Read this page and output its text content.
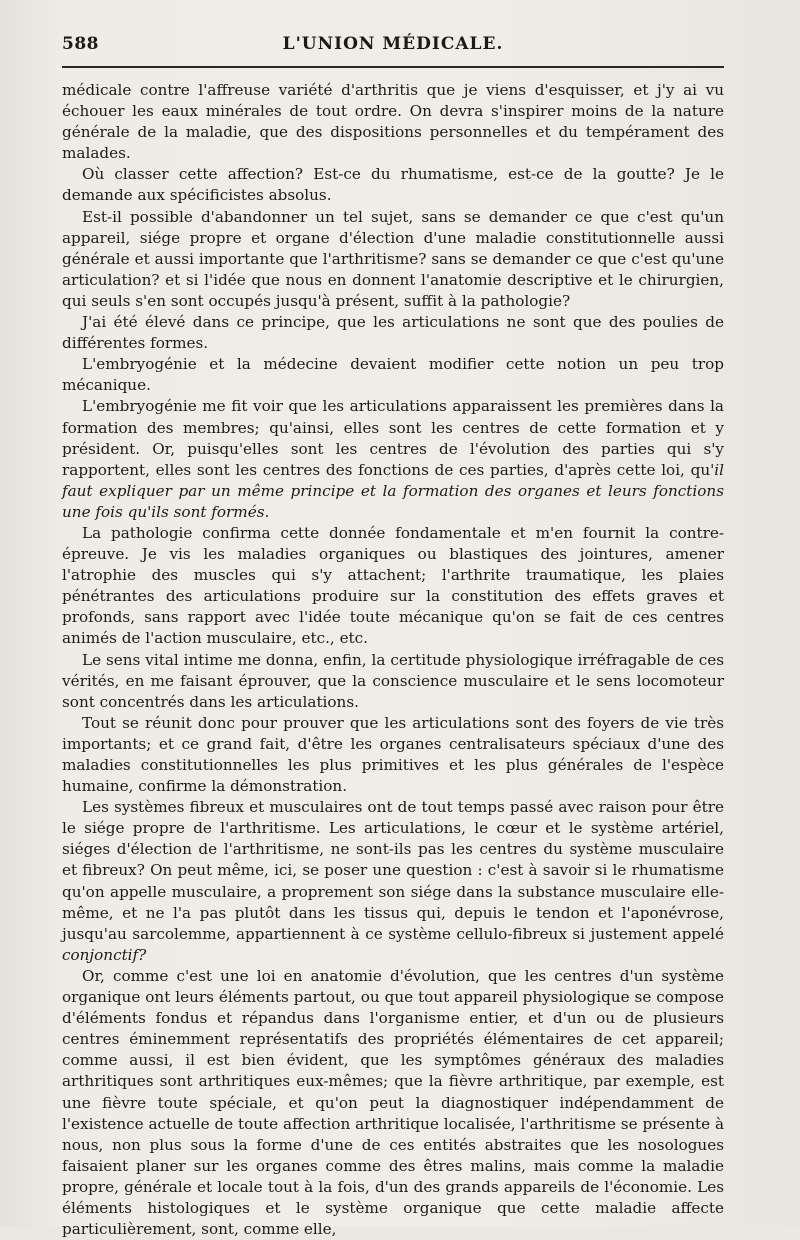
588	L'UNION MÉDICALE.

médicale contre l'affreuse variété d'arthritis que je viens d'esquisser, et j'y ai vu échouer les eaux minérales de tout ordre. On devra s'inspirer moins de la nature générale de la maladie, que des dispositions personnelles et du tempérament des malades.

Où classer cette affection? Est-ce du rhumatisme, est-ce de la goutte? Je le demande aux spécificistes absolus.

Est-il possible d'abandonner un tel sujet, sans se demander ce que c'est qu'un appareil, siége propre et organe d'élection d'une maladie constitutionnelle aussi générale et aussi importante que l'arthritisme? sans se demander ce que c'est qu'une articulation? et si l'idée que nous en donnent l'anatomie descriptive et le chirurgien, qui seuls s'en sont occupés jusqu'à présent, suffit à la pathologie?

J'ai été élevé dans ce principe, que les articulations ne sont que des poulies de différentes formes.

L'embryogénie et la médecine devaient modifier cette notion un peu trop mécanique.

L'embryogénie me fit voir que les articulations apparaissent les premières dans la formation des membres; qu'ainsi, elles sont les centres de cette formation et y président. Or, puisqu'elles sont les centres de l'évolution des parties qui s'y rapportent, elles sont les centres des fonctions de ces parties, d'après cette loi, qu'il faut expliquer par un même principe et la formation des organes et leurs fonctions une fois qu'ils sont formés.

La pathologie confirma cette donnée fondamentale et m'en fournit la contre-épreuve. Je vis les maladies organiques ou blastiques des jointures, amener l'atrophie des muscles qui s'y attachent; l'arthrite traumatique, les plaies pénétrantes des articulations produire sur la constitution des effets graves et profonds, sans rapport avec l'idée toute mécanique qu'on se fait de ces centres animés de l'action musculaire, etc., etc.

Le sens vital intime me donna, enfin, la certitude physiologique irréfragable de ces vérités, en me faisant éprouver, que la conscience musculaire et le sens locomoteur sont concentrés dans les articulations.

Tout se réunit donc pour prouver que les articulations sont des foyers de vie très importants; et ce grand fait, d'être les organes centralisateurs spéciaux d'une des maladies constitutionnelles les plus primitives et les plus générales de l'espèce humaine, confirme la démonstration.

Les systèmes fibreux et musculaires ont de tout temps passé avec raison pour être le siége propre de l'arthritisme. Les articulations, le cœur et le système artériel, siéges d'élection de l'arthritisme, ne sont-ils pas les centres du système musculaire et fibreux? On peut même, ici, se poser une question : c'est à savoir si le rhumatisme qu'on appelle musculaire, a proprement son siége dans la substance musculaire elle-même, et ne l'a pas plutôt dans les tissus qui, depuis le tendon et l'aponévrose, jusqu'au sarcolemme, appartiennent à ce système cellulo-fibreux si justement appelé conjonctif?

Or, comme c'est une loi en anatomie d'évolution, que les centres d'un système organique ont leurs éléments partout, ou que tout appareil physiologique se compose d'éléments fondus et répandus dans l'organisme entier, et d'un ou de plusieurs centres éminemment représentatifs des propriétés élémentaires de cet appareil; comme aussi, il est bien évident, que les symptômes généraux des maladies arthritiques sont arthritiques eux-mêmes; que la fièvre arthritique, par exemple, est une fièvre toute spéciale, et qu'on peut la diagnostiquer indépendamment de l'existence actuelle de toute affection arthritique localisée, l'arthritisme se présente à nous, non plus sous la forme d'une de ces entités abstraites que les nosologues faisaient planer sur les organes comme des êtres malins, mais comme la maladie propre, générale et locale tout à la fois, d'un des grands appareils de l'économie. Les éléments histologiques et le système organique que cette maladie affecte particulièrement, sont, comme elle,
